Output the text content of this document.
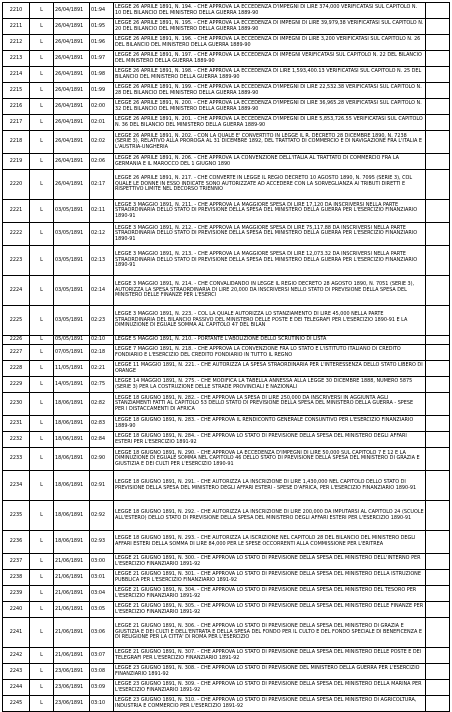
2210	L	26/04/1891	01:94	LEGGE 26 APRILE 1891, N. 194. - CHE APPROVA LA ECCEDENZA D'IMPEGNI DI LIRE 374,000 VERIFICATASI SUL CAPITOLO N. 10 DEL BILANCIO DEL MINISTERO DELLA GUERRA 1889-90	
2211	L	26/04/1891	01:95	LEGGE 26 APRILE 1891, N. 195. - CHE APPROVA LA ECCEDENZA DI IMPEGNI DI LIRE 39,979,38 VERIFICATASI SUL CAPITOLO N. 20 DEL BILANCIO DEL MINISTERO DELLA GUERRA 1889-90	
2212	L	26/04/1891	01:96	LEGGE 26 APRILE 1891, N. 196. - CHE APPROVA LA ECCEDENZA DI IMPEGNI DI LIRE 3,200 VERIFICATASI SUL CAPITOLO N. 26 DEL BILANCIO DEL MINISTERO DELLA GUERRA 1889-90	
2213	L	26/04/1891	01:97	LEGGE 26 APRILE 1891, N. 197. - CHE APPROVA LA ECCEDENZA DI IMPEGNI VERIFICATASI SUL CAPITOLO N. 22 DEL BILANCIO DEL MINISTERO DELLA GUERRA 1889-90	
2214	L	26/04/1891	01:98	LEGGE 26 APRILE 1891, N. 198. - CHE APPROVA LA ECCEDENZA DI LIRE 1,593,400.13 VERIFICATASI SUL CAPITOLO N. 25 DEL BILANCIO DEL MINISTERO DELLA GUERRA 1889-90	
2215	L	26/04/1891	01:99	LEGGE 26 APRILE 1891, N. 199. - CHE APPROVA LA ECCEDENZA D'IMPEGNI DI LIRE 22,532.38 VERIFICATASI SUL CAPITOLO N. 28 DEL BILANCIO DEL MINISTERO DELLA GUERRA 1889-90	
2216	L	26/04/1891	02:00	LEGGE 26 APRILE 1891, N. 200. - CHE APPROVA LA ECCEDENZA D'IMPEGNI DI LIRE 36,965.28 VERIFICATASI SUL CAPITOLO N. 32 DEL BILANCIO DEL MINISTERO DELLA GUERRA 1889-90	
2217	L	26/04/1891	02:01	LEGGE 26 APRILE 1891, N. 201. - CHE APPROVA LA ECCEDENZA D'IMPEGNI DI LIRE 5,853,726.55 VERIFICATASI SUL CAPITOLO N. 36 DEL BILANCIO DEL MINISTERO DELLA GUERRA 1889-90	
2218	L	26/04/1891	02:02	LEGGE 26 APRILE 1891, N. 202. - CON LA QUALE E' CONVERTITO IN LEGGE IL R. DECRETO 28 DICEMBRE 1890, N. 7238 (SERIE 3), RELATIVO ALLA PROROGA AL 31 DICEMBRE 1892, DEL TRATTATO DI COMMERCIO E DI NAVIGAZIONE FRA L'ITALIA E L'AUSTRIA-UNGHERIA	
2219	L	26/04/1891	02:06	LEGGE 26 APRILE 1891, N. 206. - CHE APPROVA LA CONVENZIONE DELL'ITALIA AL TRATTATO DI COMMERCIO FRA LA GERMANIA E IL MAROCCO DEL 1 GIUGNO 1890	
2220	L	26/04/1891	02:17	LEGGE 26 APRILE 1891, N. 217. - CHE CONVERTE IN LEGGE IL REGIO DECRETO 10 AGOSTO 1890, N. 7095 (SERIE 3), COL QUALE LE DONNE IN ESSO INDICATE SONO AUTORIZZATE AD ACCEDERE CON LA SORVEGLIANZA AI TRIBUTI DIRETTI E RISPETTIVO LIMITE NEL DECORSO TRIENNIO	
2221	L	03/05/1891	02:11	LEGGE 3 MAGGIO 1891, N. 211. - CHE APPROVA LA MAGGIORE SPESA DI LIRE 17,120 DA INSCRIVERSI NELLA PARTE STRAORDINARIA DELLO STATO DI PREVISIONE DELLA SPESA DEL MINISTERO DELLA GUERRA PER L'ESERCIZIO FINANZIARIO 1890-91	
2222	L	03/05/1891	02:12	LEGGE 3 MAGGIO 1891, N. 212. - CHE APPROVA LA MAGGIORE SPESA DI LIRE 75,117.88 DA INSCRIVERSI NELLA PARTE STRAORDINARIA DELLO STATO DI PREVISIONE DELLA SPESA DEL MINISTERO DELLA GUERRA PER L'ESERCIZIO FINANZIARIO 1890-91	
2223	L	03/05/1891	02:13	LEGGE 3 MAGGIO 1891, N. 213. - CHE APPROVA LA MAGGIORE SPESA DI LIRE 12,073.32 DA INSCRIVERSI NELLA PARTE STRAORDINARIA DELLO STATO DI PREVISIONE DELLA SPESA DEL MINISTERO DELLA GUERRA PER L'ESERCIZIO FINANZIARIO 1890-91	
2224	L	03/05/1891	02:14	LEGGE 3 MAGGIO 1891, N. 214. - CHE CONVALIDANDO IN LEGGE IL REGIO DECRETO 28 AGOSTO 1890, N. 7051 (SERIE 3), AUTORIZZA LA SPESA STRAORDINARIA DI LIRE 20,000 DA INSCRIVERSI NELLO STATO DI PREVISIONE DELLA SPESA DEL MINISTERO DELLE FINANZE PER L'ESERCI	
2225	L	03/05/1891	02:23	LEGGE 3 MAGGIO 1891, N. 223. - COL LA QUALE AUTORIZZA LO STANZIAMENTO DI LIRE 45,000 NELLA PARTE STRAORDINARIA DEL BILANCIO PASSIVO DEL MINISTERO DELLE POSTE E DEI TELEGRAFI PER L'ESERCIZIO 1890-91 E LA DIMINUZIONE DI EGUALE SOMMA AL CAPITOLO 47 DEL BILAN	
2226	L	05/05/1891	02:10	LEGGE 5 MAGGIO 1891, N. 210. - PORTANTE L'ABOLIZIONE DELLO SCRUTINIO DI LISTA	
2227	L	07/05/1891	02:18	LEGGE 7 MAGGIO 1891, N. 218. - CHE APPROVA LA CONVENZIONE FRA LO STATO E L'ISTITUTO ITALIANO DI CREDITO FONDIARIO E L'ESERCIZIO DEL CREDITO FONDIARIO IN TUTTO IL REGNO	
2228	L	11/05/1891	02:21	LEGGE 11 MAGGIO 1891, N. 221. - CHE AUTORIZZA LA SPESA STRAORDINARIA PER L'INTERESSENZA DELLO STATO LIBERO DI ORANGE	
2229	L	14/05/1891	02:75	LEGGE 14 MAGGIO 1891, N. 275. - CHE MODIFICA LA TABELLA ANNESSA ALLA LEGGE 30 DICEMBRE 1888, NUMERO 5875 (SERIE 3) PER LA COSTRUZIONE DELLE STRADE PROVINCIALI E NAZIONALI	
2230	L	18/06/1891	02:82	LEGGE 18 GIUGNO 1891, N. 282. - CHE APPROVA LA SPESA DI LIRE 250,000 DA INSCRIVERSI IN AGGIUNTA AGLI STANZIAMENTI FATTI AL CAPITOLO 53 DELLO STATO DI PREVISIONE DELLA SPESA DEL MINISTERO DELLA GUERRA - SPESE PER I DISTACCAMENTI DI AFRICA	
2231	L	18/06/1891	02:83	LEGGE 18 GIUGNO 1891, N. 283. - CHE APPROVA IL RENDICONTO GENERALE CONSUNTIVO PER L'ESERCIZIO FINANZIARIO 1889-90	
2232	L	18/06/1891	02:84	LEGGE 18 GIUGNO 1891, N. 284. - CHE APPROVA LO STATO DI PREVISIONE DELLA SPESA DEL MINISTERO DEGLI AFFARI ESTERI PER L'ESERCIZIO 1891-92	
2233	L	18/06/1891	02:90	LEGGE 18 GIUGNO 1891, N. 290. - CHE APPROVA LA ECCEDENZA D'IMPEGNI DI LIRE 50,000 SUL CAPITOLO 7 E 12 E LA DIMINUZIONE DI EGUALE SOMMA NEL CAPITOLO 46 DELLO STATO DI PREVISIONE DELLA SPESA DEL MINISTERO DI GRAZIA E GIUSTIZIA E DEI CULTI PER L'ESERCIZIO 1890-91	
2234	L	18/06/1891	02:91	LEGGE 18 GIUGNO 1891, N. 291. - CHE AUTORIZZA LA INSCRIZIONE DI LIRE 1,430,000 NEL CAPITOLO DELLO STATO DI PREVISIONE DELLA SPESA DEL MINISTERO DEGLI AFFARI ESTERI - SPESE D'AFRICA, PER L'ESERCIZIO FINANZIARIO 1890-91	
2235	L	18/06/1891	02:92	LEGGE 18 GIUGNO 1891, N. 292. - CHE AUTORIZZA LA INSCRIZIONE DI LIRE 200,000 DA IMPUTARSI AL CAPITOLO 24 (SCUOLE ALL'ESTERO) DELLO STATO DI PREVISIONE DELLA SPESA DEL MINISTERO DEGLI AFFARI ESTERI PER L'ESERCIZIO 1890-91	
2236	L	18/06/1891	02:93	LEGGE 18 GIUGNO 1891, N. 293. - CHE AUTORIZZA LA ISCRIZIONE NEL CAPITOLO 28 DEL BILANCIO DEL MINISTERO DEGLI AFFARI ESTERI DELLA SOMMA DI LIRE 84,000 PER LE SPESE OCCORRENTI ALLA COMMISSIONE PER L'ERITREA	
2237	L	21/06/1891	03:00	LEGGE 21 GIUGNO 1891, N. 300. - CHE APPROVA LO STATO DI PREVISIONE DELLA SPESA DEL MINISTERO DELL'INTERNO PER L'ESERCIZIO FINANZIARIO 1891-92	
2238	L	21/06/1891	03:01	LEGGE 21 GIUGNO 1891, N. 301. - CHE APPROVA LO STATO DI PREVISIONE DELLA SPESA DEL MINISTERO DELLA ISTRUZIONE PUBBLICA PER L'ESERCIZIO FINANZIARIO 1891-92	
2239	L	21/06/1891	03:04	LEGGE 21 GIUGNO 1891, N. 304. - CHE APPROVA LO STATO DI PREVISIONE DELLA SPESA DEL MINISTERO DEL TESORO PER L'ESERCIZIO FINANZIARIO 1891-92	
2240	L	21/06/1891	03:05	LEGGE 21 GIUGNO 1891, N. 305. - CHE APPROVA LO STATO DI PREVISIONE DELLA SPESA DEL MINISTERO DELLE FINANZE PER L'ESERCIZIO FINANZIARIO 1891-92	
2241	L	21/06/1891	03:06	LEGGE 21 GIUGNO 1891, N. 306. - CHE APPROVA LO STATO DI PREVISIONE DELLA SPESA DEL MINISTERO DI GRAZIA E GIUSTIZIA E DEI CULTI E DELL'ENTRATA E DELLA SPESA DEL FONDO PER IL CULTO E DEL FONDO SPECIALE DI BENEFICENZA E DI RELIGIONE PER LA CITTA' DI ROMA PER L'ESERCIZIO	
2242	L	21/06/1891	03:07	LEGGE 21 GIUGNO 1891, N. 307. - CHE APPROVA LO STATO DI PREVISIONE DELLA SPESA DEL MINISTERO DELLE POSTE E DEI TELEGRAFI PER L'ESERCIZIO FINANZIARIO 1891-92	
2243	L	23/06/1891	03:08	LEGGE 23 GIUGNO 1891, N. 308. - CHE APPROVA LO STATO DI PREVISIONE DEL MINISTERO DELLA GUERRA PER L'ESERCIZIO FINANZIARIO 1891-92	
2244	L	23/06/1891	03:09	LEGGE 23 GIUGNO 1891, N. 309. - CHE APPROVA LO STATO DI PREVISIONE DELLA SPESA DEL MINISTERO DELLA MARINA PER L'ESERCIZIO FINANZIARIO 1891-92	
2245	L	23/06/1891	03:10	LEGGE 23 GIUGNO 1891, N. 310. - CHE APPROVA LO STATO DI PREVISIONE DELLA SPESA DEL MINISTERO DI AGRICOLTURA, INDUSTRIA E COMMERCIO PER L'ESERCIZIO 1891-92	
